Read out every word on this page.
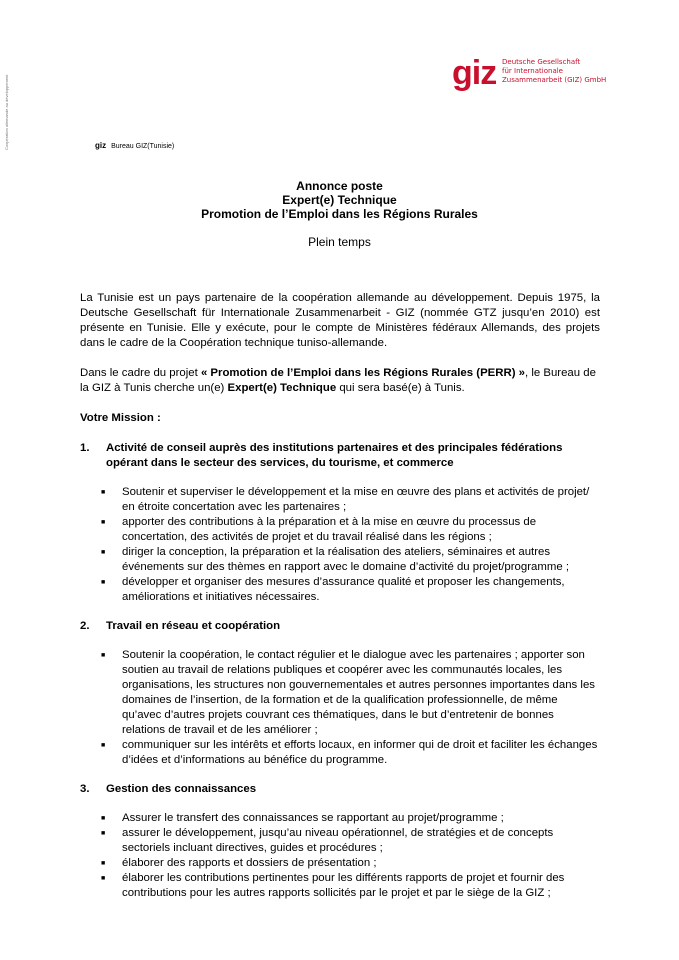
Coopération allemande au développement
giz Deutsche Gesellschaft
für Internationale
Zusammenarbeit (GIZ) GmbH
giz Bureau GIZ(Tunisie)
Annonce poste
Expert(e) Technique
Promotion de l’Emploi dans les Régions Rurales
Plein temps

La Tunisie est un pays partenaire de la coopération allemande au développement. Depuis 1975, la Deutsche Gesellschaft für Internationale Zusammenarbeit - GIZ (nommée GTZ jusqu’en 2010) est présente en Tunisie. Elle y exécute, pour le compte de Ministères fédéraux Allemands, des projets dans le cadre de la Coopération technique tuniso-allemande.

Dans le cadre du projet « Promotion de l’Emploi dans les Régions Rurales (PERR) », le Bureau de la GIZ à Tunis cherche un(e) Expert(e) Technique qui sera basé(e) à Tunis.

Votre Mission :
1.	Activité de conseil auprès des institutions partenaires et des principales fédérations opérant dans le secteur des services, du tourisme, et commerce
■	Soutenir et superviser le développement et la mise en œuvre des plans et activités de projet/ en étroite concertation avec les partenaires ;
■	apporter des contributions à la préparation et à la mise en œuvre du processus de concertation, des activités de projet et du travail réalisé dans les régions ;
■	diriger la conception, la préparation et la réalisation des ateliers, séminaires et autres événements sur des thèmes en rapport avec le domaine d’activité du projet/programme ;
■	développer et organiser des mesures d’assurance qualité et proposer les changements, améliorations et initiatives nécessaires.
2.	Travail en réseau et coopération
■	Soutenir la coopération, le contact régulier et le dialogue avec les partenaires ; apporter son soutien au travail de relations publiques et coopérer avec les communautés locales, les organisations, les structures non gouvernementales et autres personnes importantes dans les domaines de l’insertion, de la formation et de la qualification professionnelle, de même qu’avec d’autres projets couvrant ces thématiques, dans le but d’entretenir de bonnes relations de travail et de les améliorer ;
■	communiquer sur les intérêts et efforts locaux, en informer qui de droit et faciliter les échanges d’idées et d’informations au bénéfice du programme.
3.	Gestion des connaissances
■	Assurer le transfert des connaissances se rapportant au projet/programme ;
■	assurer le développement, jusqu’au niveau opérationnel, de stratégies et de concepts sectoriels incluant directives, guides et procédures ;
■	élaborer des rapports et dossiers de présentation ;
■	élaborer les contributions pertinentes pour les différents rapports de projet et fournir des contributions pour les autres rapports sollicités par le projet et par le siège de la GIZ ;
